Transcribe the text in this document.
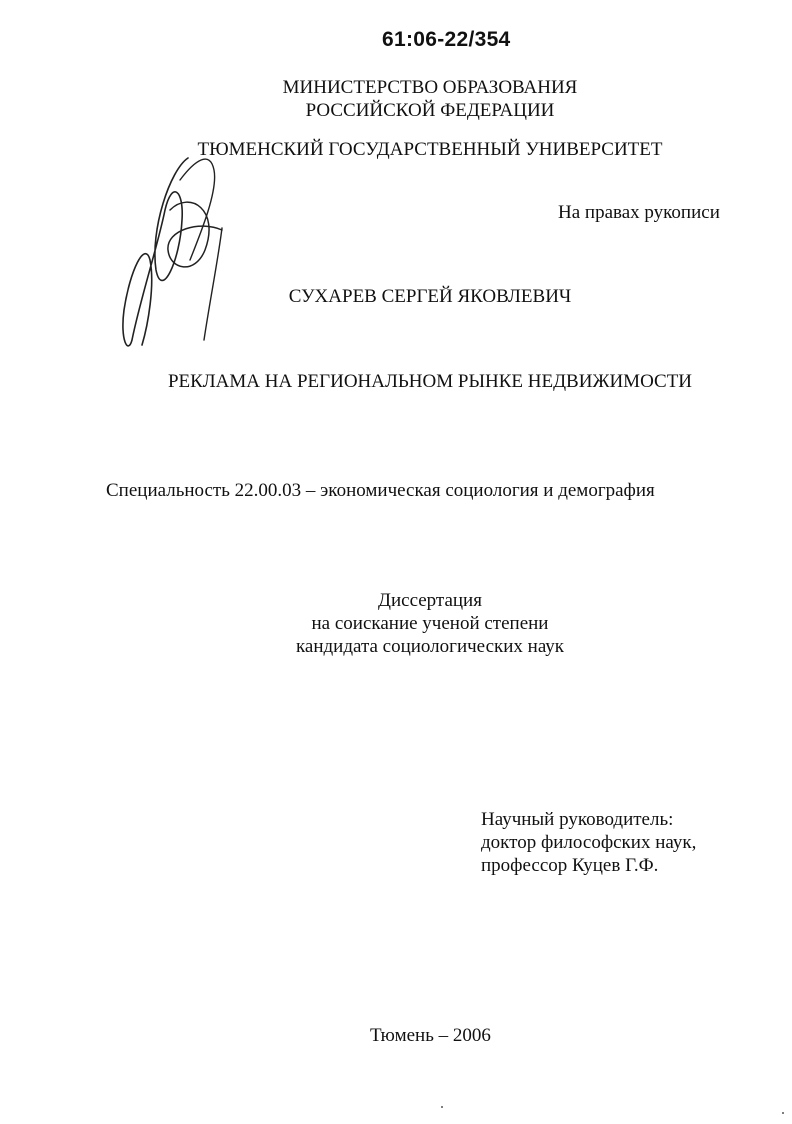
61:06-22/354
МИНИСТЕРСТВО ОБРАЗОВАНИЯ
РОССИЙСКОЙ ФЕДЕРАЦИИ
ТЮМЕНСКИЙ ГОСУДАРСТВЕННЫЙ УНИВЕРСИТЕТ
На правах рукописи
СУХАРЕВ СЕРГЕЙ ЯКОВЛЕВИЧ
РЕКЛАМА НА РЕГИОНАЛЬНОМ РЫНКЕ НЕДВИЖИМОСТИ
Специальность 22.00.03 – экономическая социология и демография
Диссертация
на соискание ученой степени
кандидата социологических наук
Научный руководитель:
доктор философских наук,
профессор Куцев Г.Ф.
Тюмень – 2006
